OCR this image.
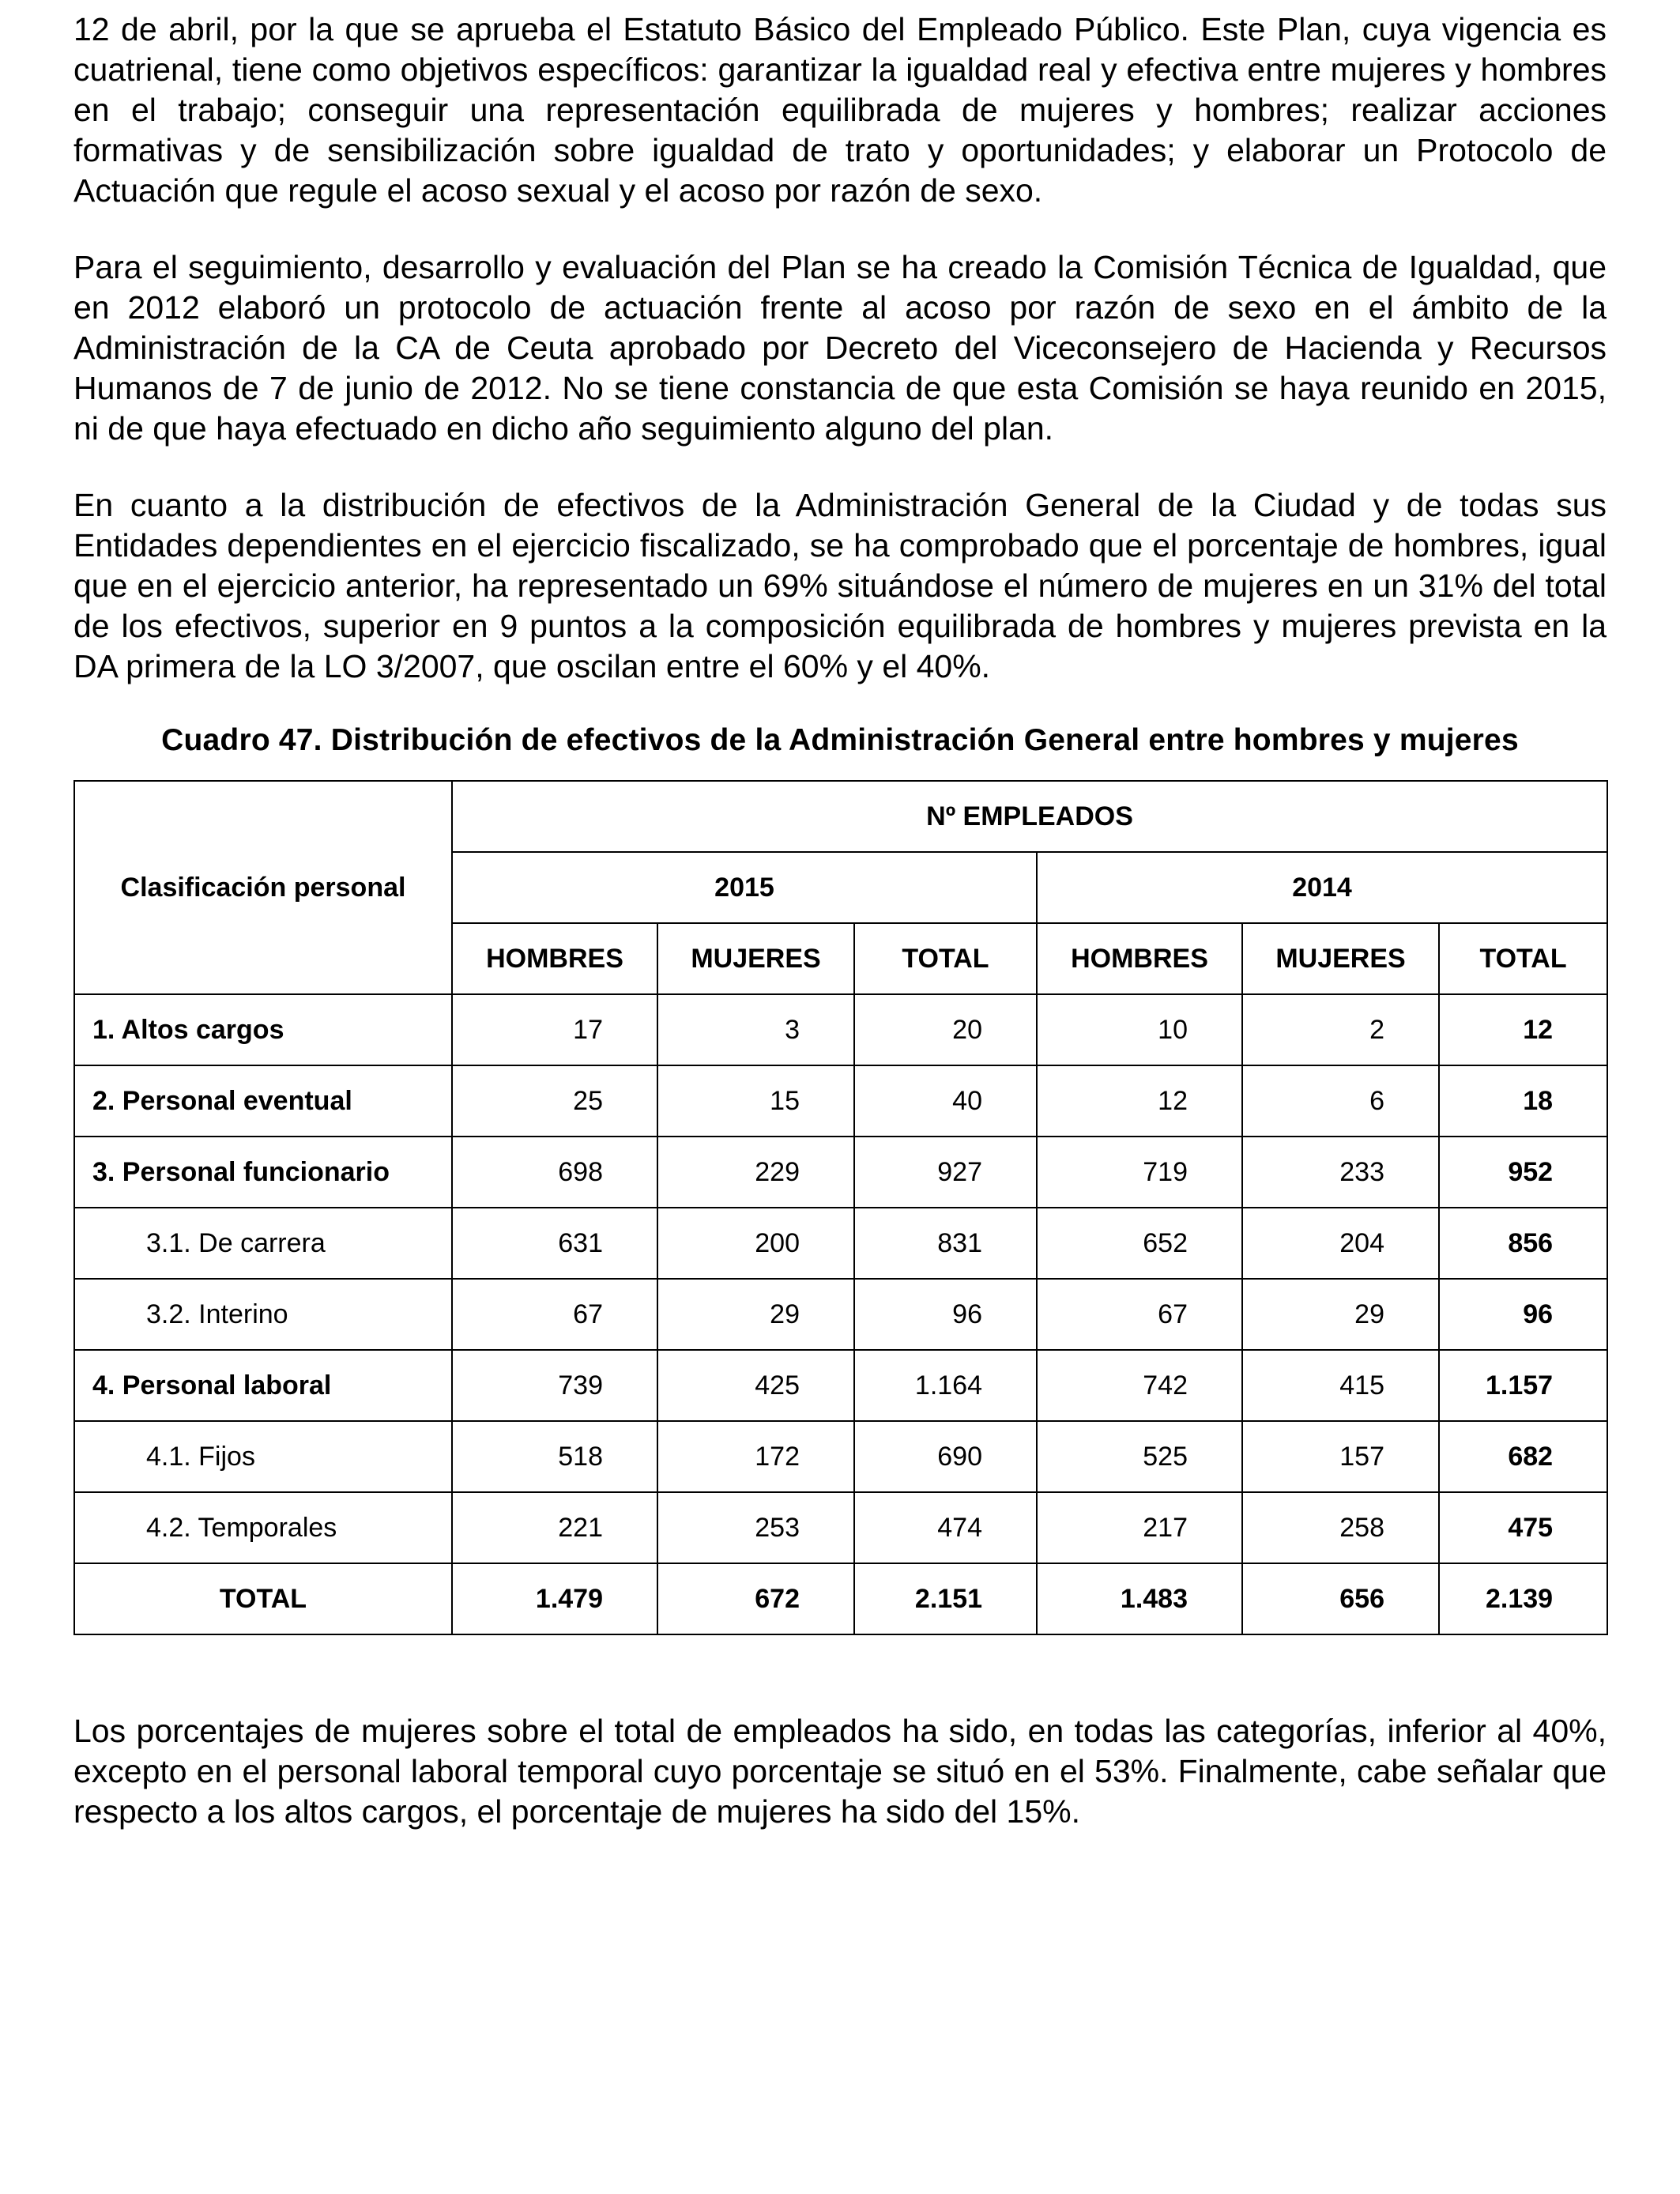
12 de abril, por la que se aprueba el Estatuto Básico del Empleado Público. Este Plan, cuya vigencia es cuatrienal, tiene como objetivos específicos: garantizar la igualdad real y efectiva entre mujeres y hombres en el trabajo; conseguir una representación equilibrada de mujeres y hombres; realizar acciones formativas y de sensibilización sobre igualdad de trato y oportunidades; y elaborar un Protocolo de Actuación que regule el acoso sexual y el acoso por razón de sexo.

Para el seguimiento, desarrollo y evaluación del Plan se ha creado la Comisión Técnica de Igualdad, que en 2012 elaboró un protocolo de actuación frente al acoso por razón de sexo en el ámbito de la Administración de la CA de Ceuta aprobado por Decreto del Viceconsejero de Hacienda y Recursos Humanos de 7 de junio de 2012. No se tiene constancia de que esta Comisión se haya reunido en 2015, ni de que haya efectuado en dicho año seguimiento alguno del plan.

En cuanto a la distribución de efectivos de la Administración General de la Ciudad y de todas sus Entidades dependientes en el ejercicio fiscalizado, se ha comprobado que el porcentaje de hombres, igual que en el ejercicio anterior, ha representado un 69% situándose el número de mujeres en un 31% del total de los efectivos, superior en 9 puntos a la composición equilibrada de hombres y mujeres prevista en la DA primera de la LO 3/2007, que oscilan entre el 60% y el 40%.

Cuadro 47. Distribución de efectivos de la Administración General entre hombres y mujeres
Clasificación personal	Nº EMPLEADOS					
	2015			2014		
	HOMBRES	MUJERES	TOTAL	HOMBRES	MUJERES	TOTAL
1. Altos cargos	17	3	20	10	2	12
2. Personal eventual	25	15	40	12	6	18
3. Personal funcionario	698	229	927	719	233	952
3.1. De carrera	631	200	831	652	204	856
3.2. Interino	67	29	96	67	29	96
4. Personal laboral	739	425	1.164	742	415	1.157
4.1. Fijos	518	172	690	525	157	682
4.2. Temporales	221	253	474	217	258	475
TOTAL	1.479	672	2.151	1.483	656	2.139

Los porcentajes de mujeres sobre el total de empleados ha sido, en todas las categorías, inferior al 40%, excepto en el personal laboral temporal cuyo porcentaje se situó en el 53%. Finalmente, cabe señalar que respecto a los altos cargos, el porcentaje de mujeres ha sido del 15%.
